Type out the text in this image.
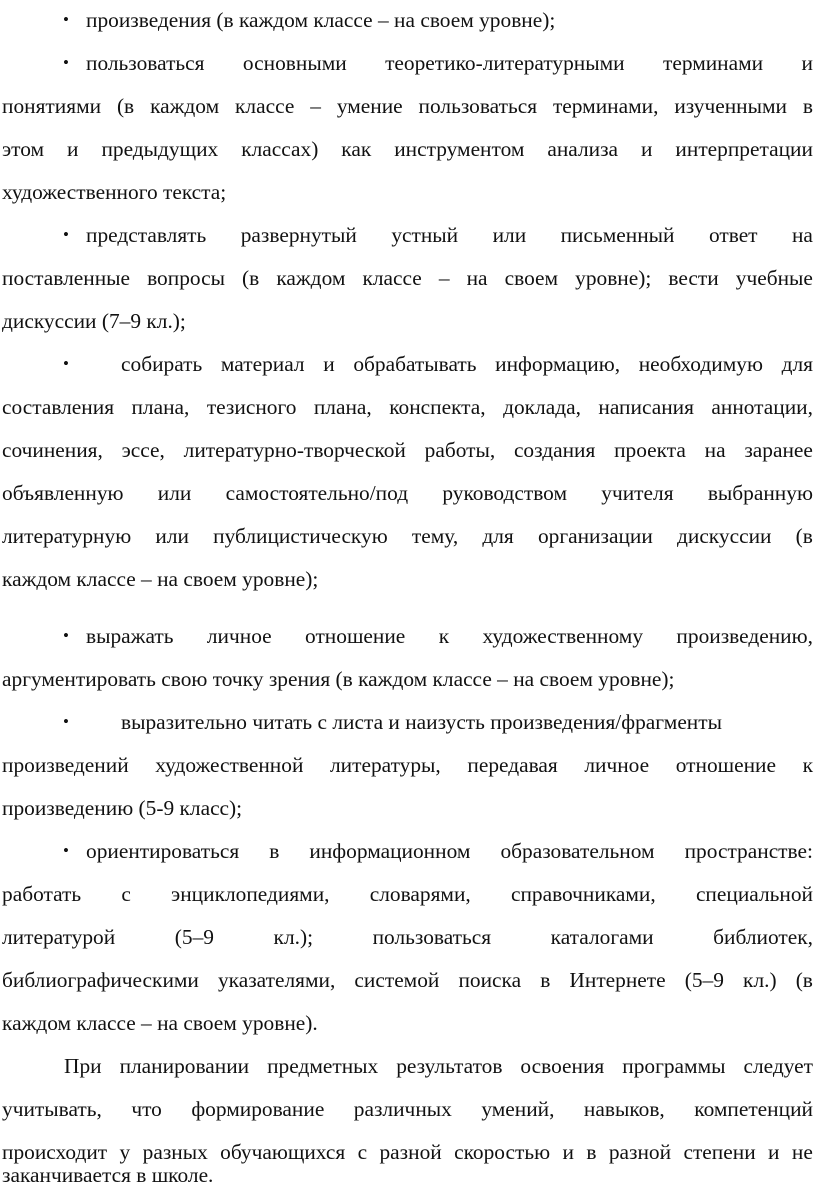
• произведения (в каждом классе – на своем уровне);
• пользоваться основными теоретико-литературными терминами и
понятиями (в каждом классе – умение пользоваться терминами, изученными в
этом и предыдущих классах) как инструментом анализа и интерпретации
художественного текста;
• представлять развернутый устный или письменный ответ на
поставленные вопросы (в каждом классе – на своем уровне); вести учебные
дискуссии (7–9 кл.);
• собирать материал и обрабатывать информацию, необходимую для
составления плана, тезисного плана, конспекта, доклада, написания аннотации,
сочинения, эссе, литературно-творческой работы, создания проекта на заранее
объявленную или самостоятельно/под руководством учителя выбранную
литературную или публицистическую тему, для организации дискуссии (в
каждом классе – на своем уровне);
• выражать личное отношение к художественному произведению,
аргументировать свою точку зрения (в каждом классе – на своем уровне);
• выразительно читать с листа и наизусть произведения/фрагменты
произведений художественной литературы, передавая личное отношение к
произведению (5-9 класс);
• ориентироваться в информационном образовательном пространстве:
работать с энциклопедиями, словарями, справочниками, специальной
литературой	(5–9	кл.);	пользоваться	каталогами	библиотек,
библиографическими указателями, системой поиска в Интернете (5–9 кл.) (в
каждом классе – на своем уровне).
При планировании предметных результатов освоения программы следует
учитывать, что формирование различных умений, навыков, компетенций
происходит у разных обучающихся с разной скоростью и в разной степени и не
заканчивается в школе.
